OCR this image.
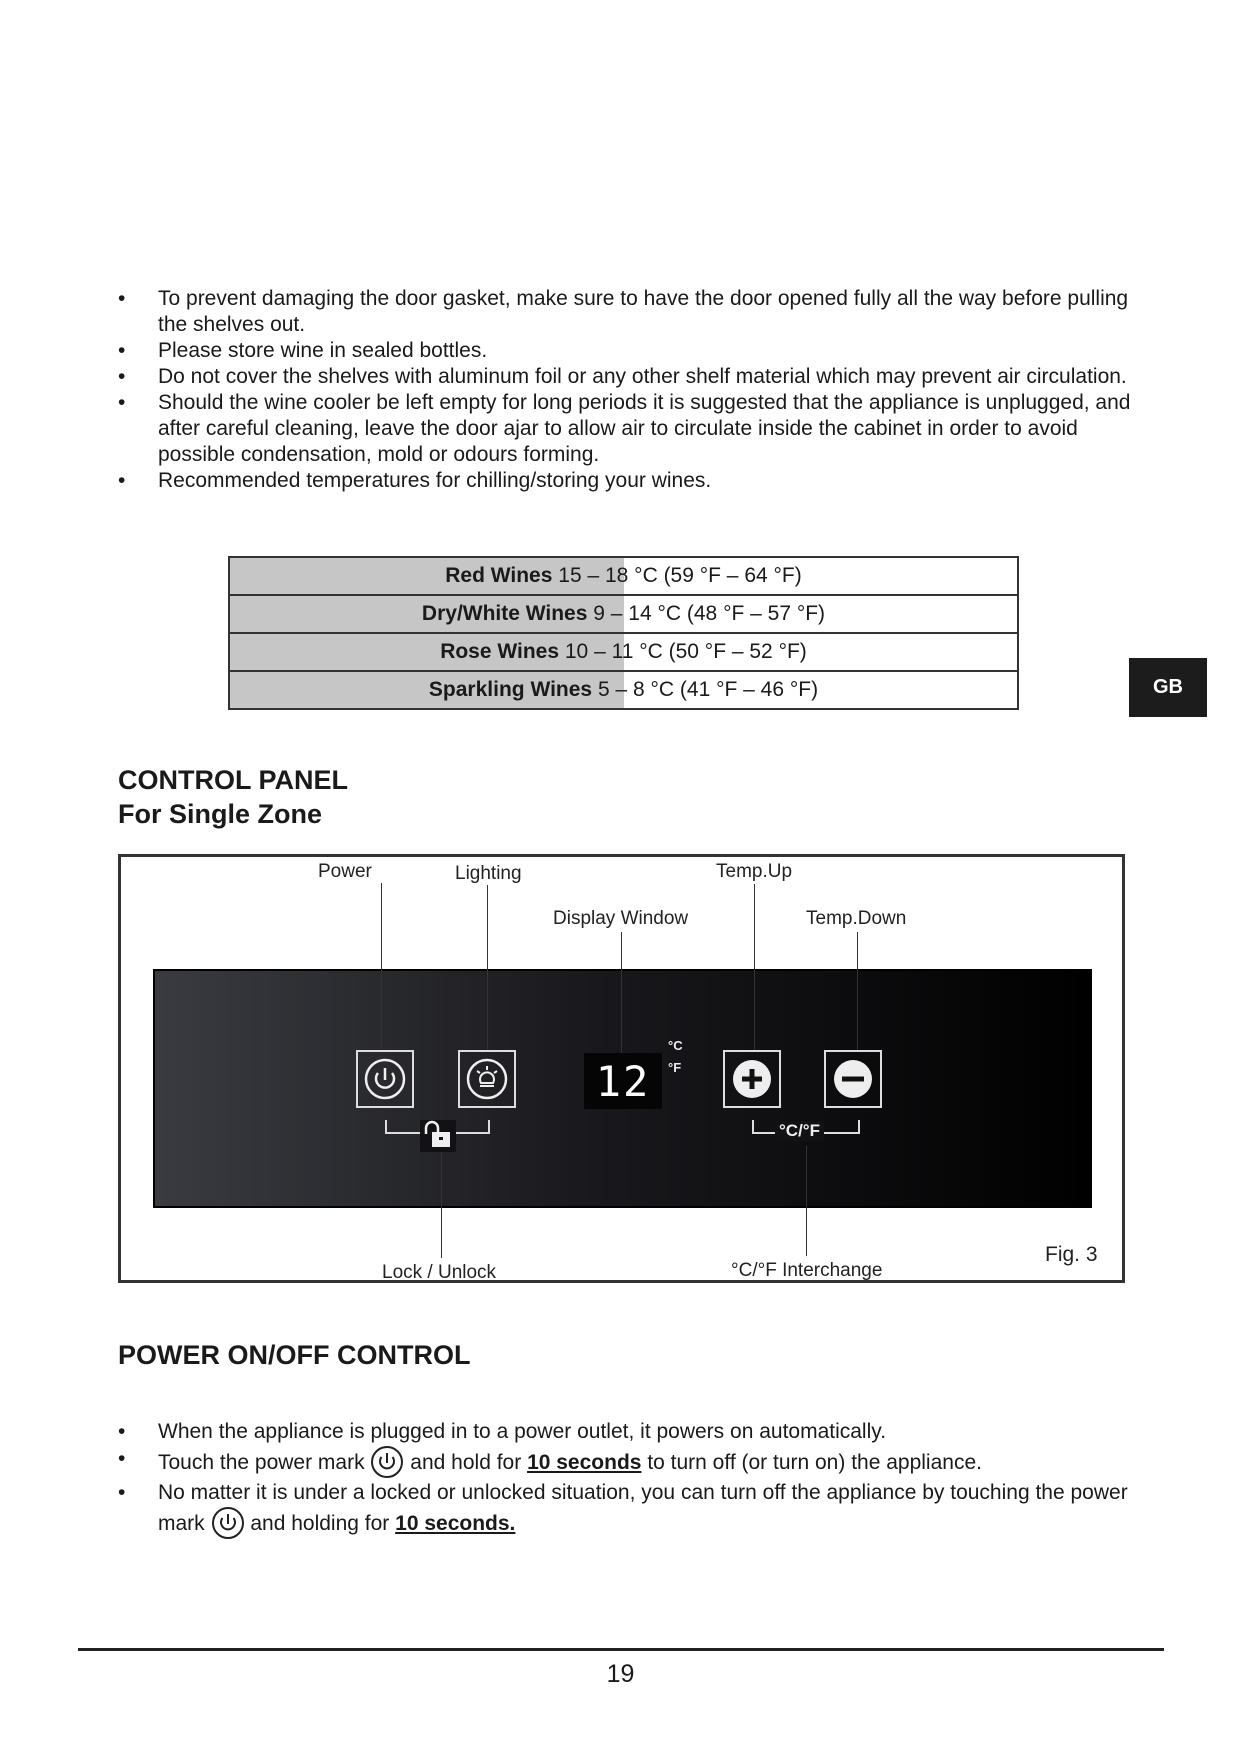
• To prevent damaging the door gasket, make sure to have the door opened fully all the way before pulling the shelves out.
• Please store wine in sealed bottles.
• Do not cover the shelves with aluminum foil or any other shelf material which may prevent air circulation.
• Should the wine cooler be left empty for long periods it is suggested that the appliance is unplugged, and after careful cleaning, leave the door ajar to allow air to circulate inside the cabinet in order to avoid possible condensation, mold or odours forming.
• Recommended temperatures for chilling/storing your wines.
Red Wines 15 – 18 °C (59 °F – 64 °F)

Dry/White Wines 9 – 14 °C (48 °F – 57 °F)

Rose Wines 10 – 11 °C (50 °F – 52 °F)

Sparkling Wines 5 – 8 °C (41 °F – 46 °F)	GB
CONTROL PANEL
For Single Zone
Power	Lighting	Temp.Up
Display Window	Temp.Down
Lock / Unlock	°C/°F Interchange
Fig. 3
12
°C
°F
°C/°F
POWER ON/OFF CONTROL
• When the appliance is plugged in to a power outlet, it powers on automatically.
• Touch the power mark and hold for 10 seconds to turn off (or turn on) the appliance.
• No matter it is under a locked or unlocked situation, you can turn off the appliance by touching the power mark and holding for 10 seconds.
19
